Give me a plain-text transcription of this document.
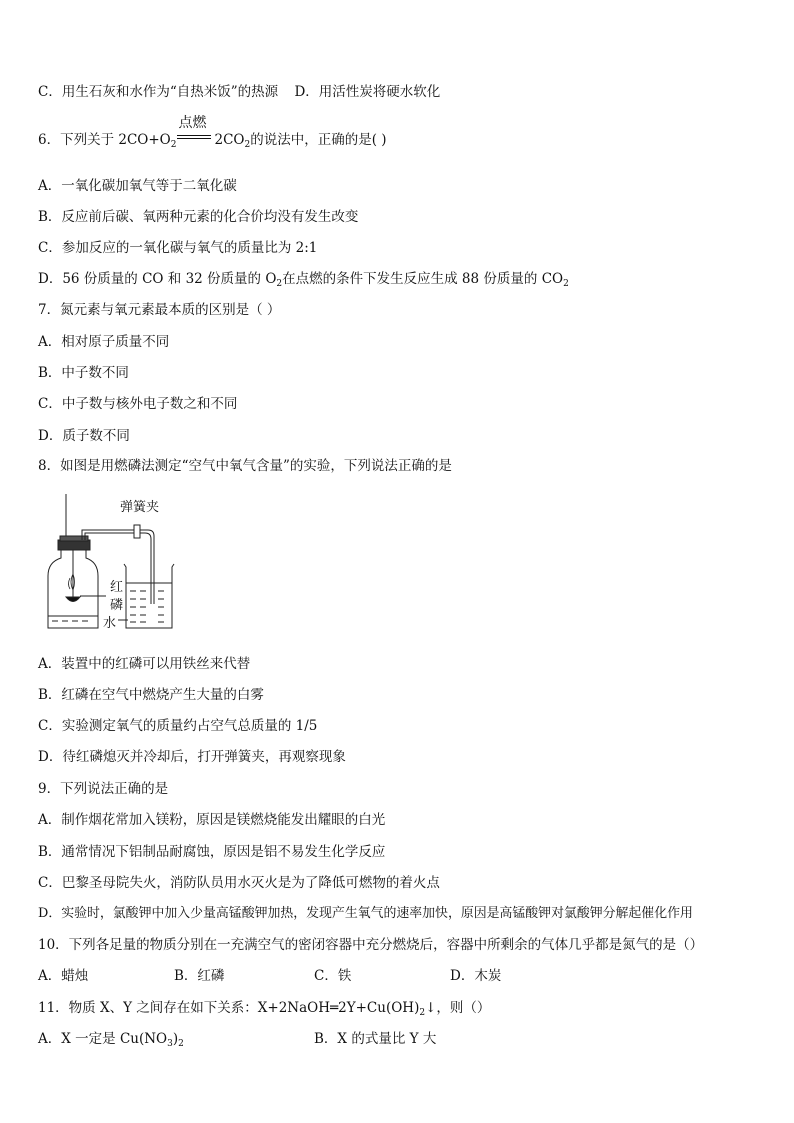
C．用生石灰和水作为“自热米饭”的热源 D．用活性炭将硬水软化
6．下列关于 $2CO+O_2$
点燃
$2CO_2$的说法中，正确的是( )
A．一氧化碳加氧气等于二氧化碳
B．反应前后碳、氧两种元素的化合价均没有发生改变
C．参加反应的一氧化碳与氧气的质量比为 2:1
D．56 份质量的 CO 和 32 份质量的 $O_2$在点燃的条件下发生反应生成 88 份质量的 $CO_2$
7．氮元素与氧元素最本质的区别是（ ）
A．相对原子质量不同
B．中子数不同
C．中子数与核外电子数之和不同
D．质子数不同
8．如图是用燃磷法测定“空气中氧气含量”的实验，下列说法正确的是
弹簧夹
红
磷
水
A．装置中的红磷可以用铁丝来代替
B．红磷在空气中燃烧产生大量的白雾
C．实验测定氧气的质量约占空气总质量的 1/5
D．待红磷熄灭并冷却后，打开弹簧夹，再观察现象
9．下列说法正确的是
A．制作烟花常加入镁粉，原因是镁燃烧能发出耀眼的白光
B．通常情况下铝制品耐腐蚀，原因是铝不易发生化学反应
C．巴黎圣母院失火，消防队员用水灭火是为了降低可燃物的着火点
D．实验时，氯酸钾中加入少量高锰酸钾加热，发现产生氧气的速率加快，原因是高锰酸钾对氯酸钾分解起催化作用
10．下列各足量的物质分别在一充满空气的密闭容器中充分燃烧后，容器中所剩余的气体几乎都是氮气的是（）
A．蜡烛	B．红磷	C．铁	D．木炭
11．物质 X、Y 之间存在如下关系：$X+2NaOH═2Y+Cu(OH)_2↓$，则（）
A．X 一定是 $Cu(NO_3)_2$	B．X 的式量比 Y 大
